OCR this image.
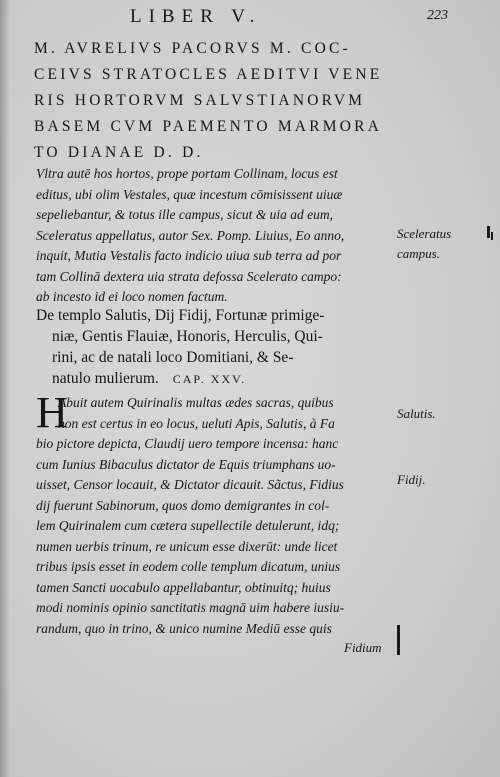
LIBER V.	223
M. AVRELIVS PACORVS M. COC-
CEIVS STRATOCLES AEDITVI VENE
RIS HORTORVM SALVSTIANORVM
BASEM CVM PAEMENTO MARMORA
TO DIANAE D. D.
Vltra autē hos hortos, prope portam Collinam, locus est
editus, ubi olim Vestales, quæ incestum cōmisissent uiuæ
sepeliebantur, & totus ille campus, sicut & uia ad eum,
Sceleratus appellatus, autor Sex. Pomp. Liuius, Eo anno,
inquit, Mutia Vestalis facto indicio uiua sub terra ad por
tam Collinā dextera uia strata defossa Scelerato campo:
ab incesto id ei loco nomen factum.
Sceleratus
campus.
De templo Salutis, Dij Fidij, Fortunæ primige-
niæ, Gentis Flauiæ, Honoris, Herculis, Qui-
rini, ac de natali loco Domitiani, & Se-
natulo mulierum. CAP. XXV.
H
Abuit autem Quirinalis multas ædes sacras, quibus
non est certus in eo locus, ueluti Apis, Salutis, à Fa
bio pictore depicta, Claudij uero tempore incensa: hanc
cum Iunius Bibaculus dictator de Equis triumphans uo-
uisset, Censor locauit, & Dictator dicauit. Sãctus, Fidius
dij fuerunt Sabinorum, quos domo demigrantes in col-
lem Quirinalem cum cætera supellectile detulerunt, idq;
numen uerbis trinum, re unicum esse dixerūt: unde licet
tribus ipsis esset in eodem colle templum dicatum, unius
tamen Sancti uocabulo appellabantur, obtinuitq; huius
modi nominis opinio sanctitatis magnā uim habere iusiu-
randum, quo in trino, & unico numine Mediū esse quis
Salutis.
Fidij.
Fidium
